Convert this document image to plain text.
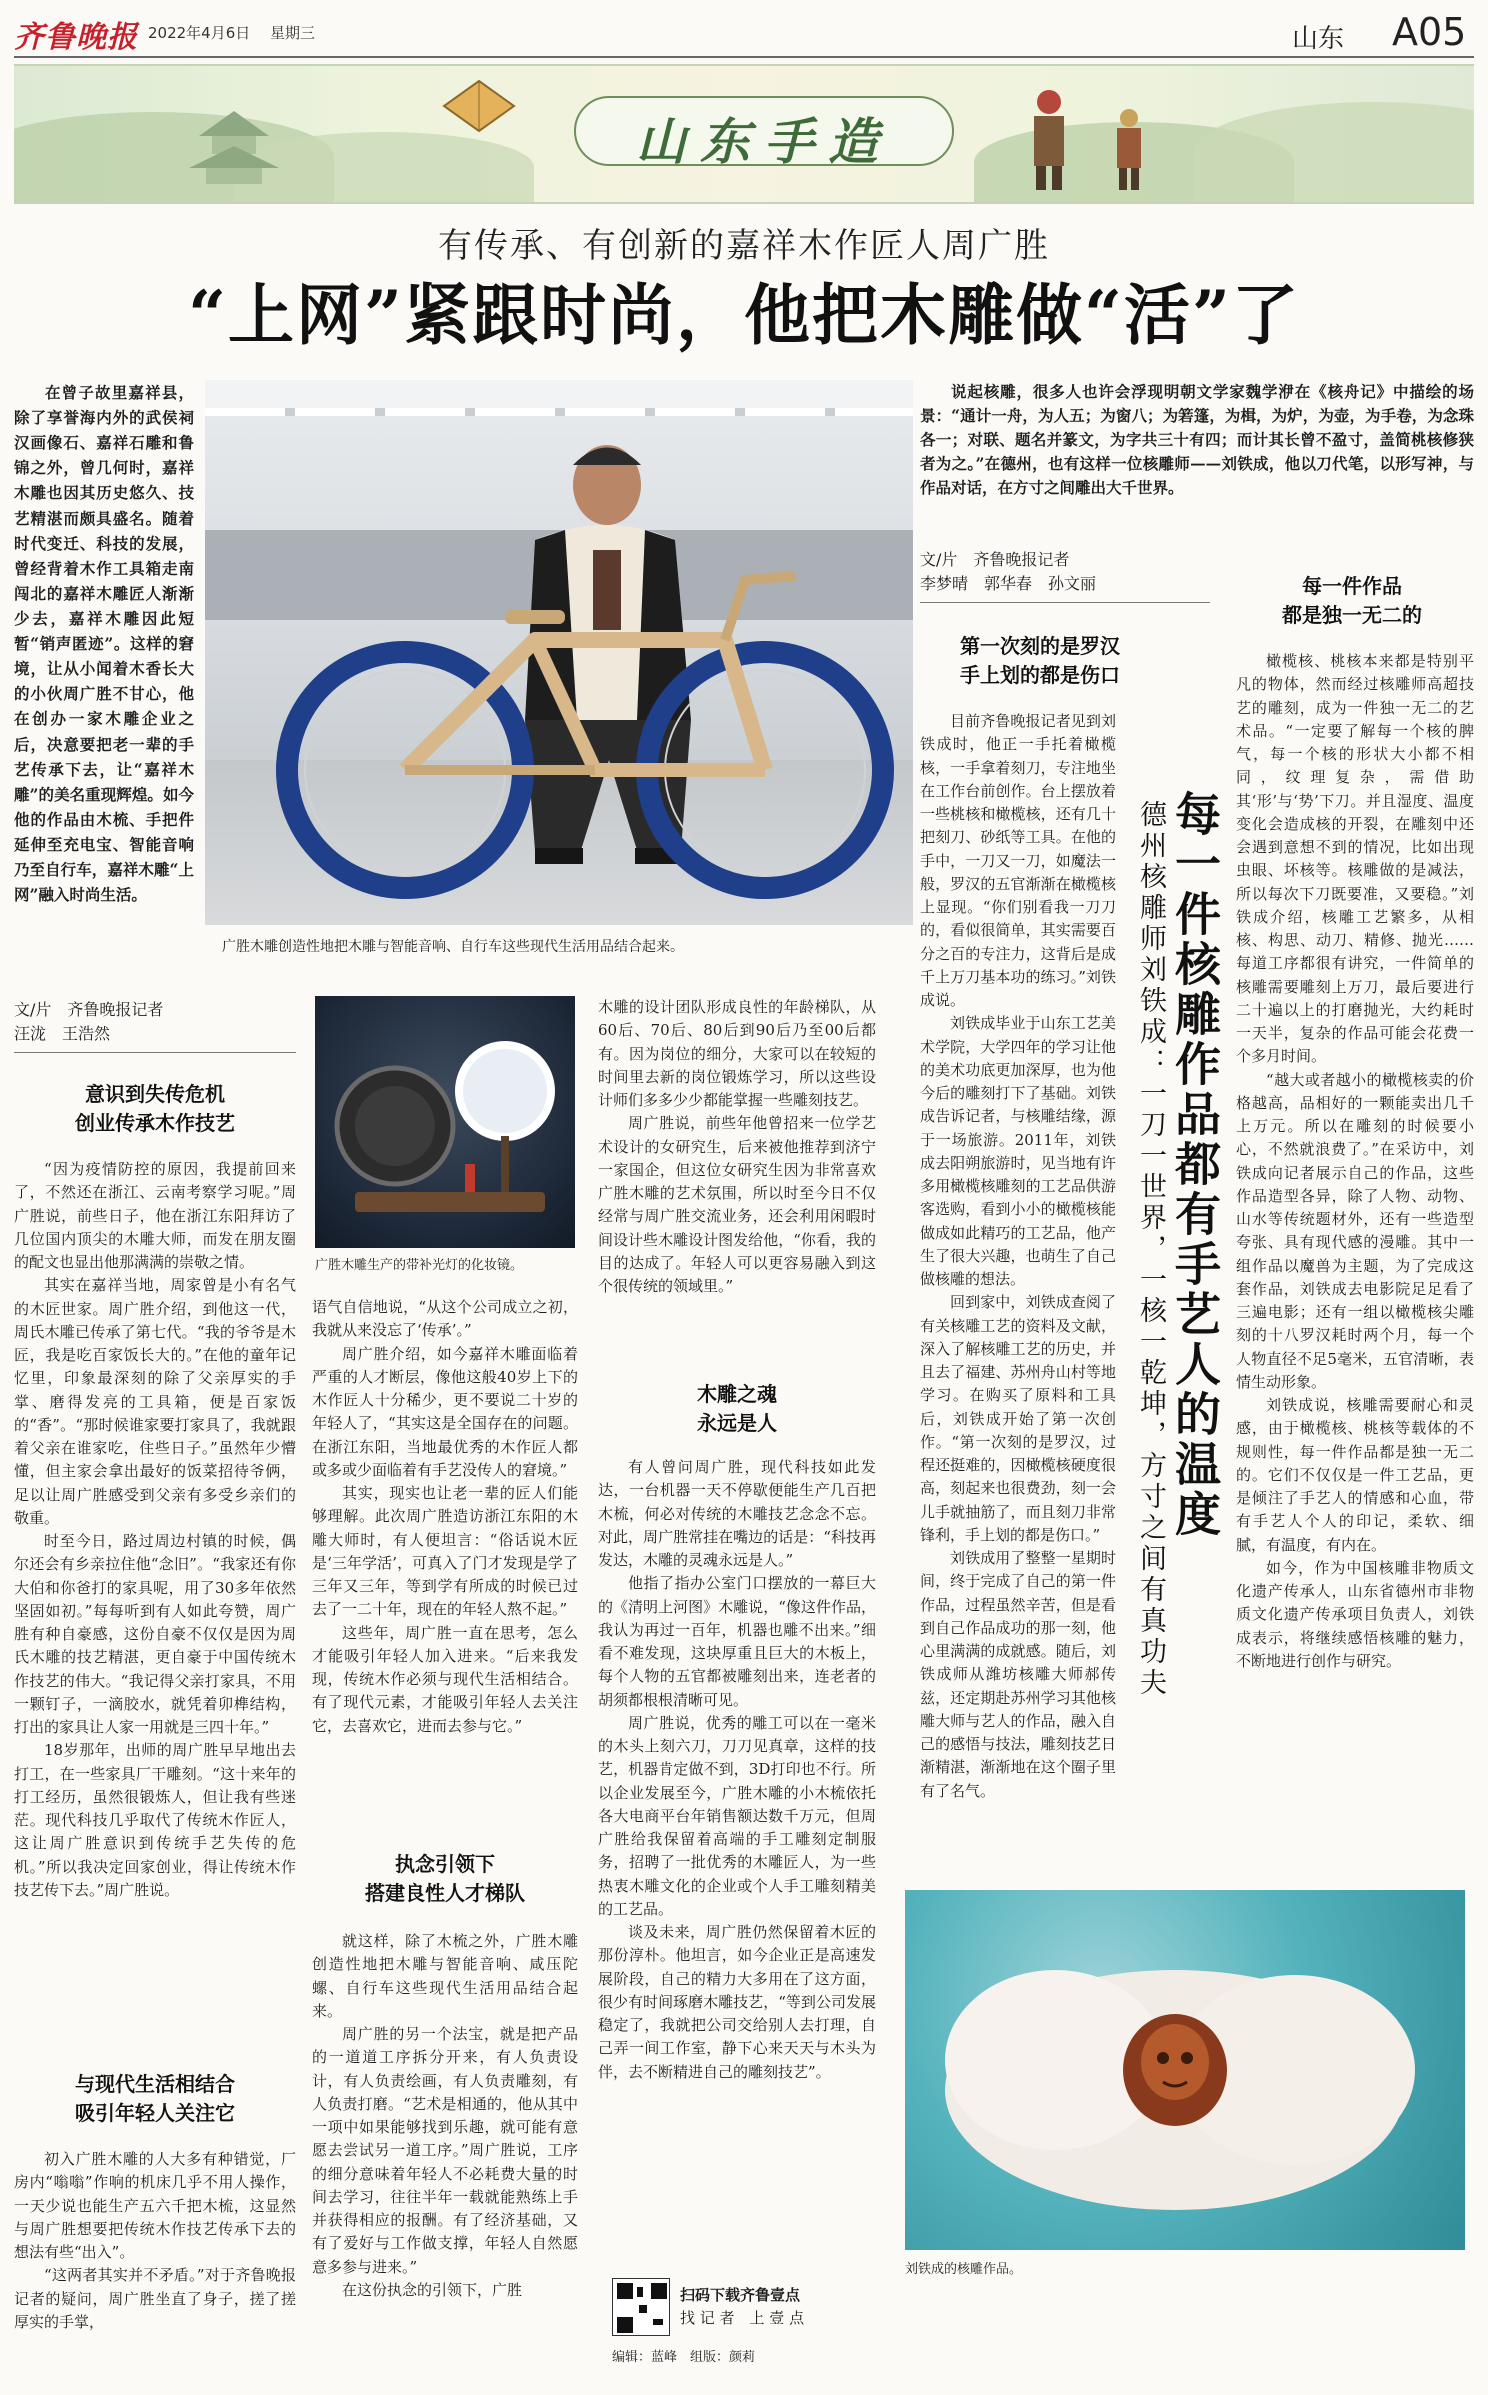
齐鲁晚报 2022年4月6日 星期三	山东 A05
山东手造
有传承、有创新的嘉祥木作匠人周广胜
“上网”紧跟时尚，他把木雕做“活”了

在曾子故里嘉祥县，除了享誉海内外的武侯祠汉画像石、嘉祥石雕和鲁锦之外，曾几何时，嘉祥木雕也因其历史悠久、技艺精湛而颇具盛名。随着时代变迁、科技的发展，曾经背着木作工具箱走南闯北的嘉祥木雕匠人渐渐少去，嘉祥木雕因此短暂“销声匿迹”。这样的窘境，让从小闻着木香长大的小伙周广胜不甘心，他在创办一家木雕企业之后，决意要把老一辈的手艺传承下去，让“嘉祥木雕”的美名重现辉煌。如今他的作品由木梳、手把件延伸至充电宝、智能音响乃至自行车，嘉祥木雕“上网”融入时尚生活。

广胜木雕创造性地把木雕与智能音响、自行车这些现代生活用品结合起来。
文/片　齐鲁晚报记者
汪泷　王浩然
广胜木雕生产的带补光灯的化妆镜。
意识到失传危机
创业传承木作技艺

“因为疫情防控的原因，我提前回来了，不然还在浙江、云南考察学习呢。”周广胜说，前些日子，他在浙江东阳拜访了几位国内顶尖的木雕大师，而发在朋友圈的配文也显出他那满满的崇敬之情。

其实在嘉祥当地，周家曾是小有名气的木匠世家。周广胜介绍，到他这一代，周氏木雕已传承了第七代。“我的爷爷是木匠，我是吃百家饭长大的。”在他的童年记忆里，印象最深刻的除了父亲厚实的手掌、磨得发亮的工具箱，便是百家饭的“香”。“那时候谁家要打家具了，我就跟着父亲在谁家吃，住些日子。”虽然年少懵懂，但主家会拿出最好的饭菜招待爷俩，足以让周广胜感受到父亲有多受乡亲们的敬重。

时至今日，路过周边村镇的时候，偶尔还会有乡亲拉住他“念旧”。“我家还有你大伯和你爸打的家具呢，用了30多年依然坚固如初。”每每听到有人如此夸赞，周广胜有种自豪感，这份自豪不仅仅是因为周氏木雕的技艺精湛，更自豪于中国传统木作技艺的伟大。“我记得父亲打家具，不用一颗钉子，一滴胶水，就凭着卯榫结构，打出的家具让人家一用就是三四十年。”

18岁那年，出师的周广胜早早地出去打工，在一些家具厂干雕刻。“这十来年的打工经历，虽然很锻炼人，但让我有些迷茫。现代科技几乎取代了传统木作匠人，这让周广胜意识到传统手艺失传的危机。”所以我决定回家创业，得让传统木作技艺传下去。”周广胜说。

与现代生活相结合
吸引年轻人关注它

初入广胜木雕的人大多有种错觉，厂房内“嗡嗡”作响的机床几乎不用人操作，一天少说也能生产五六千把木梳，这显然与周广胜想要把传统木作技艺传承下去的想法有些“出入”。

“这两者其实并不矛盾。”对于齐鲁晚报记者的疑问，周广胜坐直了身子，搓了搓厚实的手掌，

语气自信地说，“从这个公司成立之初，我就从来没忘了‘传承’。”

周广胜介绍，如今嘉祥木雕面临着严重的人才断层，像他这般40岁上下的木作匠人十分稀少，更不要说二十岁的年轻人了，“其实这是全国存在的问题。在浙江东阳，当地最优秀的木作匠人都或多或少面临着有手艺没传人的窘境。”

其实，现实也让老一辈的匠人们能够理解。此次周广胜造访浙江东阳的木雕大师时，有人便坦言：“俗话说木匠是‘三年学活’，可真入了门才发现是学了三年又三年，等到学有所成的时候已过去了一二十年，现在的年轻人熬不起。”

这些年，周广胜一直在思考，怎么才能吸引年轻人加入进来。“后来我发现，传统木作必须与现代生活相结合。有了现代元素，才能吸引年轻人去关注它，去喜欢它，进而去参与它。”

执念引领下
搭建良性人才梯队

就这样，除了木梳之外，广胜木雕创造性地把木雕与智能音响、咸压陀螺、自行车这些现代生活用品结合起来。

周广胜的另一个法宝，就是把产品的一道道工序拆分开来，有人负责设计，有人负责绘画，有人负责雕刻，有人负责打磨。“艺术是相通的，他从其中一项中如果能够找到乐趣，就可能有意愿去尝试另一道工序。”周广胜说，工序的细分意味着年轻人不必耗费大量的时间去学习，往往半年一载就能熟练上手并获得相应的报酬。有了经济基础，又有了爱好与工作做支撑，年轻人自然愿意多参与进来。”

在这份执念的引领下，广胜

木雕的设计团队形成良性的年龄梯队，从60后、70后、80后到90后乃至00后都有。因为岗位的细分，大家可以在较短的时间里去新的岗位锻炼学习，所以这些设计师们多多少少都能掌握一些雕刻技艺。

周广胜说，前些年他曾招来一位学艺术设计的女研究生，后来被他推荐到济宁一家国企，但这位女研究生因为非常喜欢广胜木雕的艺术氛围，所以时至今日不仅经常与周广胜交流业务，还会利用闲暇时间设计些木雕设计图发给他，“你看，我的目的达成了。年轻人可以更容易融入到这个很传统的领域里。”

木雕之魂
永远是人

有人曾问周广胜，现代科技如此发达，一台机器一天不停歇便能生产几百把木梳，何必对传统的木雕技艺念念不忘。对此，周广胜常挂在嘴边的话是：“科技再发达，木雕的灵魂永远是人。”

他指了指办公室门口摆放的一幕巨大的《清明上河图》木雕说，“像这件作品，我认为再过一百年，机器也雕不出来。”细看不难发现，这块厚重且巨大的木板上，每个人物的五官都被雕刻出来，连老者的胡须都根根清晰可见。

周广胜说，优秀的雕工可以在一毫米的木头上刻六刀，刀刀见真章，这样的技艺，机器肯定做不到，3D打印也不行。所以企业发展至今，广胜木雕的小木梳依托各大电商平台年销售额达数千万元，但周广胜给我保留着高端的手工雕刻定制服务，招聘了一批优秀的木雕匠人，为一些热衷木雕文化的企业或个人手工雕刻精美的工艺品。

谈及未来，周广胜仍然保留着木匠的那份淳朴。他坦言，如今企业正是高速发展阶段，自己的精力大多用在了这方面，很少有时间琢磨木雕技艺，“等到公司发展稳定了，我就把公司交给别人去打理，自己弄一间工作室，静下心来天天与木头为伴，去不断精进自己的雕刻技艺”。

扫码下载齐鲁壹点
找 记 者　上 壹 点
编辑：蓝峰　组版：颜莉

说起核雕，很多人也许会浮现明朝文学家魏学洢在《核舟记》中描绘的场景：“通计一舟，为人五；为窗八；为箬篷，为楫，为炉，为壶，为手卷，为念珠各一；对联、题名并篆文，为字共三十有四；而计其长曾不盈寸，盖简桃核修狭者为之。”在德州，也有这样一位核雕师——刘铁成，他以刀代笔，以形写神，与作品对话，在方寸之间雕出大千世界。

文/片　齐鲁晚报记者
李梦晴　郭华春　孙文丽
每一件核雕作品都有手艺人的温度
德州核雕师刘铁成：一刀一世界，一核一乾坤，方寸之间有真功夫
第一次刻的是罗汉
手上划的都是伤口

目前齐鲁晚报记者见到刘铁成时，他正一手托着橄榄核，一手拿着刻刀，专注地坐在工作台前创作。台上摆放着一些桃核和橄榄核，还有几十把刻刀、砂纸等工具。在他的手中，一刀又一刀，如魔法一般，罗汉的五官渐渐在橄榄核上显现。“你们别看我一刀刀的，看似很简单，其实需要百分之百的专注力，这背后是成千上万刀基本功的练习。”刘铁成说。

刘铁成毕业于山东工艺美术学院，大学四年的学习让他的美术功底更加深厚，也为他今后的雕刻打下了基础。刘铁成告诉记者，与核雕结缘，源于一场旅游。2011年，刘铁成去阳朔旅游时，见当地有许多用橄榄核雕刻的工艺品供游客选购，看到小小的橄榄核能做成如此精巧的工艺品，他产生了很大兴趣，也萌生了自己做核雕的想法。

回到家中，刘铁成查阅了有关核雕工艺的资料及文献，深入了解核雕工艺的历史，并且去了福建、苏州舟山村等地学习。在购买了原料和工具后，刘铁成开始了第一次创作。“第一次刻的是罗汉，过程还挺难的，因橄榄核硬度很高，刻起来也很费劲，刻一会儿手就抽筋了，而且刻刀非常锋利，手上划的都是伤口。”

刘铁成用了整整一星期时间，终于完成了自己的第一件作品，过程虽然辛苦，但是看到自己作品成功的那一刻，他心里满满的成就感。随后，刘铁成师从潍坊核雕大师郝传兹，还定期赴苏州学习其他核雕大师与艺人的作品，融入自己的感悟与技法，雕刻技艺日渐精湛，渐渐地在这个圈子里有了名气。

每一件作品
都是独一无二的

橄榄核、桃核本来都是特别平凡的物体，然而经过核雕师高超技艺的雕刻，成为一件独一无二的艺术品。“一定要了解每一个核的脾气，每一个核的形状大小都不相同，纹理复杂，需借助其‘形’与‘势’下刀。并且湿度、温度变化会造成核的开裂，在雕刻中还会遇到意想不到的情况，比如出现虫眼、坏核等。核雕做的是减法，所以每次下刀既要准，又要稳。”刘铁成介绍，核雕工艺繁多，从相核、构思、动刀、精修、抛光……每道工序都很有讲究，一件简单的核雕需要雕刻上万刀，最后要进行二十遍以上的打磨抛光，大约耗时一天半，复杂的作品可能会花费一个多月时间。

“越大或者越小的橄榄核卖的价格越高，品相好的一颗能卖出几千上万元。所以在雕刻的时候要小心，不然就浪费了。”在采访中，刘铁成向记者展示自己的作品，这些作品造型各异，除了人物、动物、山水等传统题材外，还有一些造型夸张、具有现代感的漫雕。其中一组作品以魔兽为主题，为了完成这套作品，刘铁成去电影院足足看了三遍电影；还有一组以橄榄核尖雕刻的十八罗汉耗时两个月，每一个人物直径不足5毫米，五官清晰，表情生动形象。

刘铁成说，核雕需要耐心和灵感，由于橄榄核、桃核等载体的不规则性，每一件作品都是独一无二的。它们不仅仅是一件工艺品，更是倾注了手艺人的情感和心血，带有手艺人个人的印记，柔软、细腻，有温度，有内在。

如今，作为中国核雕非物质文化遗产传承人，山东省德州市非物质文化遗产传承项目负责人，刘铁成表示，将继续感悟核雕的魅力，不断地进行创作与研究。

刘铁成的核雕作品。
